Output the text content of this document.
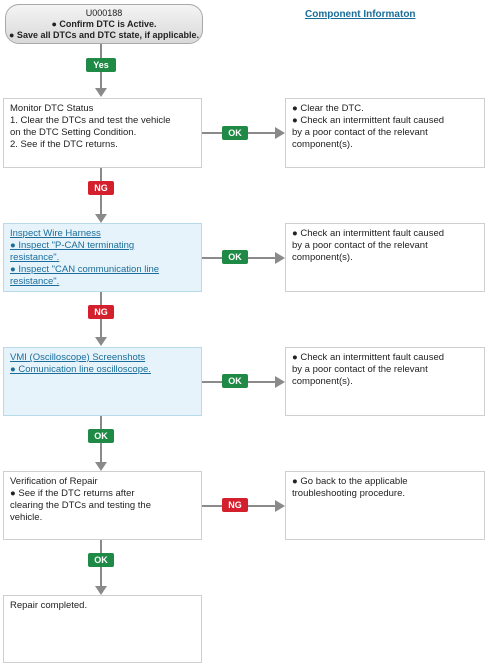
U000188
● Confirm DTC is Active.
● Save all DTCs and DTC state, if applicable.
Component Informaton
Yes
Monitor DTC Status
1. Clear the DTCs and test the vehicle
on the DTC Setting Condition.
2. See if the DTC returns.
OK
● Clear the DTC.
● Check an intermittent fault caused
by a poor contact of the relevant
component(s).
NG
Inspect Wire Harness
● Inspect "P-CAN terminating
resistance".
● Inspect "CAN communication line
resistance".
OK
● Check an intermittent fault caused
by a poor contact of the relevant
component(s).
NG
VMI (Oscilloscope) Screenshots
● Comunication line oscilloscope.
OK
● Check an intermittent fault caused
by a poor contact of the relevant
component(s).
OK
Verification of Repair
● See if the DTC returns after
clearing the DTCs and testing the
vehicle.
NG
● Go back to the applicable
troubleshooting procedure.
OK
Repair completed.
